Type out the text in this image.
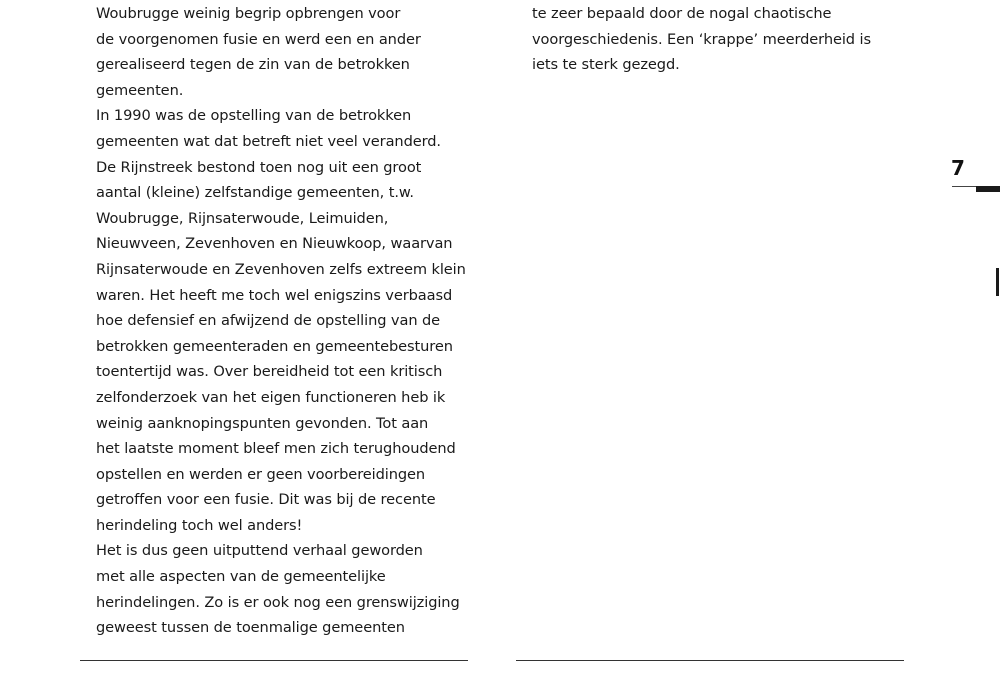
Woubrugge weinig begrip opbrengen voor
de voorgenomen fusie en werd een en ander
gerealiseerd tegen de zin van de betrokken
gemeenten.
In 1990 was de opstelling van de betrokken
gemeenten wat dat betreft niet veel veranderd.
De Rijnstreek bestond toen nog uit een groot
aantal (kleine) zelfstandige gemeenten, t.w.
Woubrugge, Rijnsaterwoude, Leimuiden,
Nieuwveen, Zevenhoven en Nieuwkoop, waarvan
Rijnsaterwoude en Zevenhoven zelfs extreem klein
waren. Het heeft me toch wel enigszins verbaasd
hoe defensief en afwijzend de opstelling van de
betrokken gemeenteraden en gemeentebesturen
toentertijd was. Over bereidheid tot een kritisch
zelfonderzoek van het eigen functioneren heb ik
weinig aanknopingspunten gevonden. Tot aan
het laatste moment bleef men zich terughoudend
opstellen en werden er geen voorbereidingen
getroffen voor een fusie. Dit was bij de recente
herindeling toch wel anders!
Het is dus geen uitputtend verhaal geworden
met alle aspecten van de gemeentelijke
herindelingen. Zo is er ook nog een grenswijziging
geweest tussen de toenmalige gemeenten
te zeer bepaald door de nogal chaotische
voorgeschiedenis. Een ‘krappe’ meerderheid is
iets te sterk gezegd.
7
